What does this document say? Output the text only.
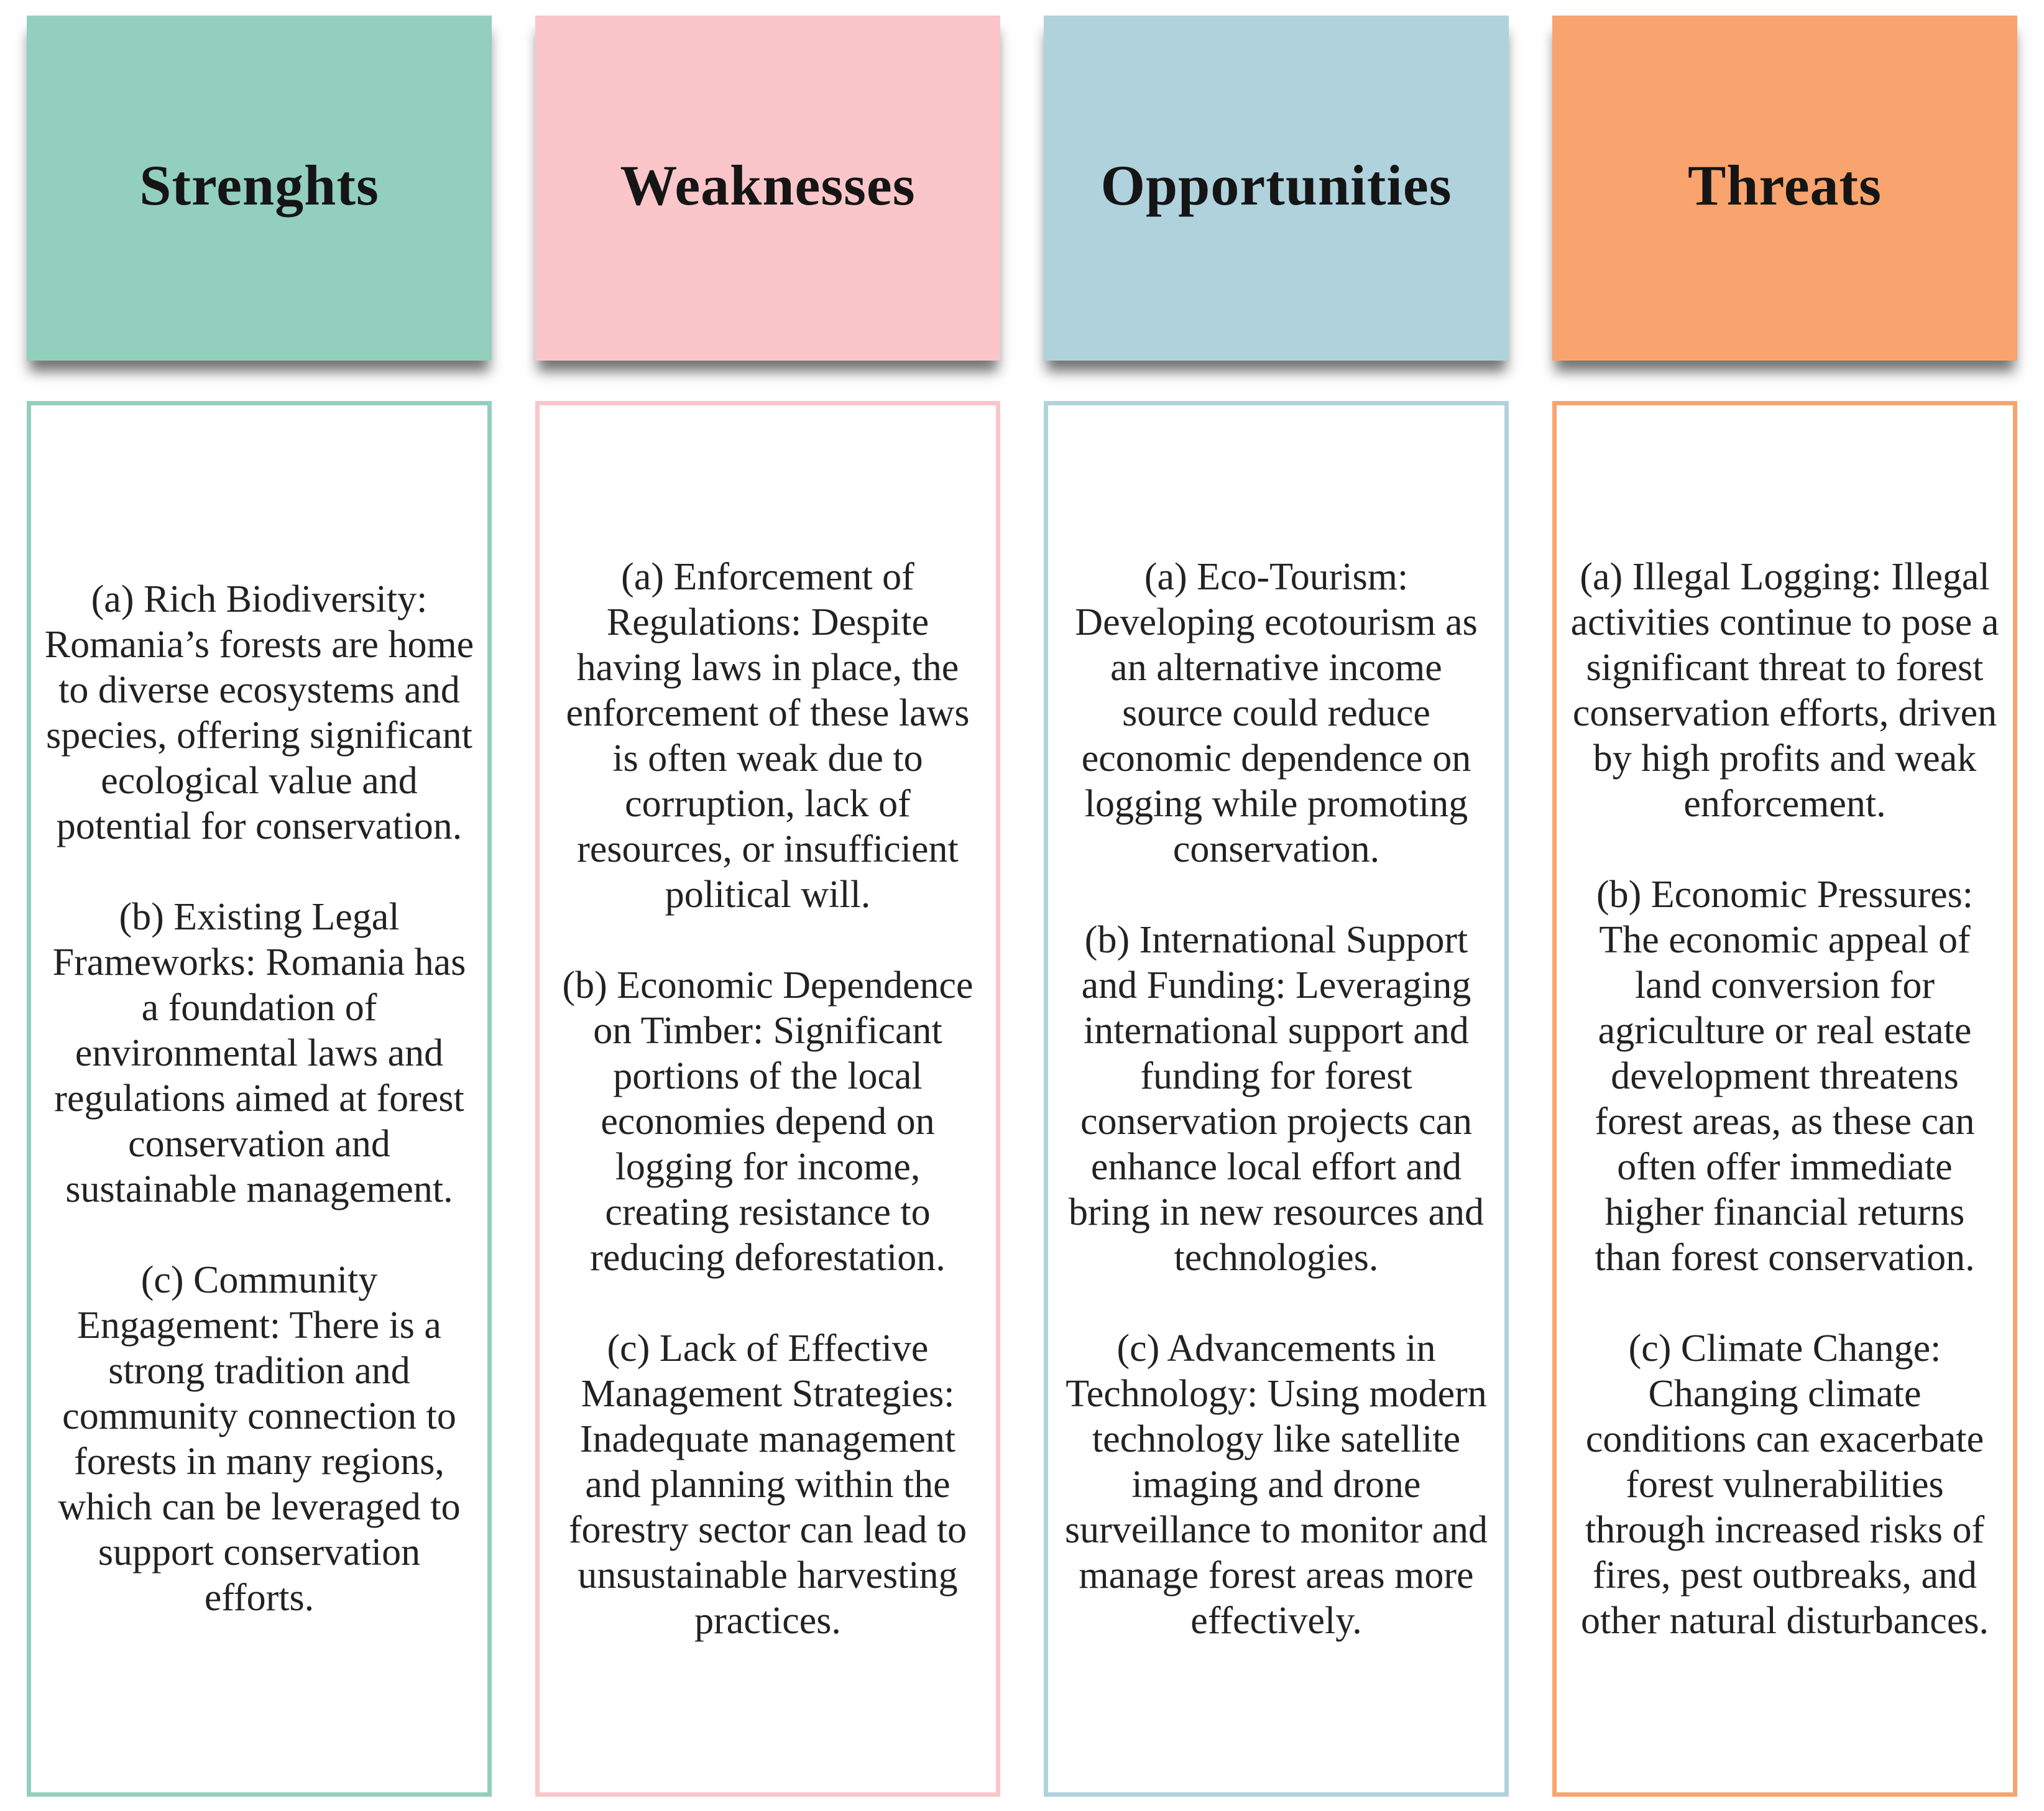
Strenghts

(a) Rich Biodiversity: Romania’s forests are home to diverse ecosystems and species, offering significant ecological value and potential for conservation.

(b) Existing Legal Frameworks: Romania has a foundation of environmental laws and regulations aimed at forest conservation and sustainable management.

(c) Community Engagement: There is a strong tradition and community connection to forests in many regions, which can be leveraged to support conservation efforts.

Weaknesses

(a) Enforcement of Regulations: Despite having laws in place, the enforcement of these laws is often weak due to corruption, lack of resources, or insufficient political will.

(b) Economic Dependence on Timber: Significant portions of the local economies depend on logging for income, creating resistance to reducing deforestation.

(c) Lack of Effective Management Strategies: Inadequate management and planning within the forestry sector can lead to unsustainable harvesting practices.

Opportunities

(a) Eco-Tourism: Developing ecotourism as an alternative income source could reduce economic dependence on logging while promoting conservation.

(b) International Support and Funding: Leveraging international support and funding for forest conservation projects can enhance local effort and bring in new resources and technologies.

(c) Advancements in Technology: Using modern technology like satellite imaging and drone surveillance to monitor and manage forest areas more effectively.

Threats

(a) Illegal Logging: Illegal activities continue to pose a significant threat to forest conservation efforts, driven by high profits and weak enforcement.

(b) Economic Pressures: The economic appeal of land conversion for agriculture or real estate development threatens forest areas, as these can often offer immediate higher financial returns than forest conservation.

(c) Climate Change: Changing climate conditions can exacerbate forest vulnerabilities through increased risks of fires, pest outbreaks, and other natural disturbances.
